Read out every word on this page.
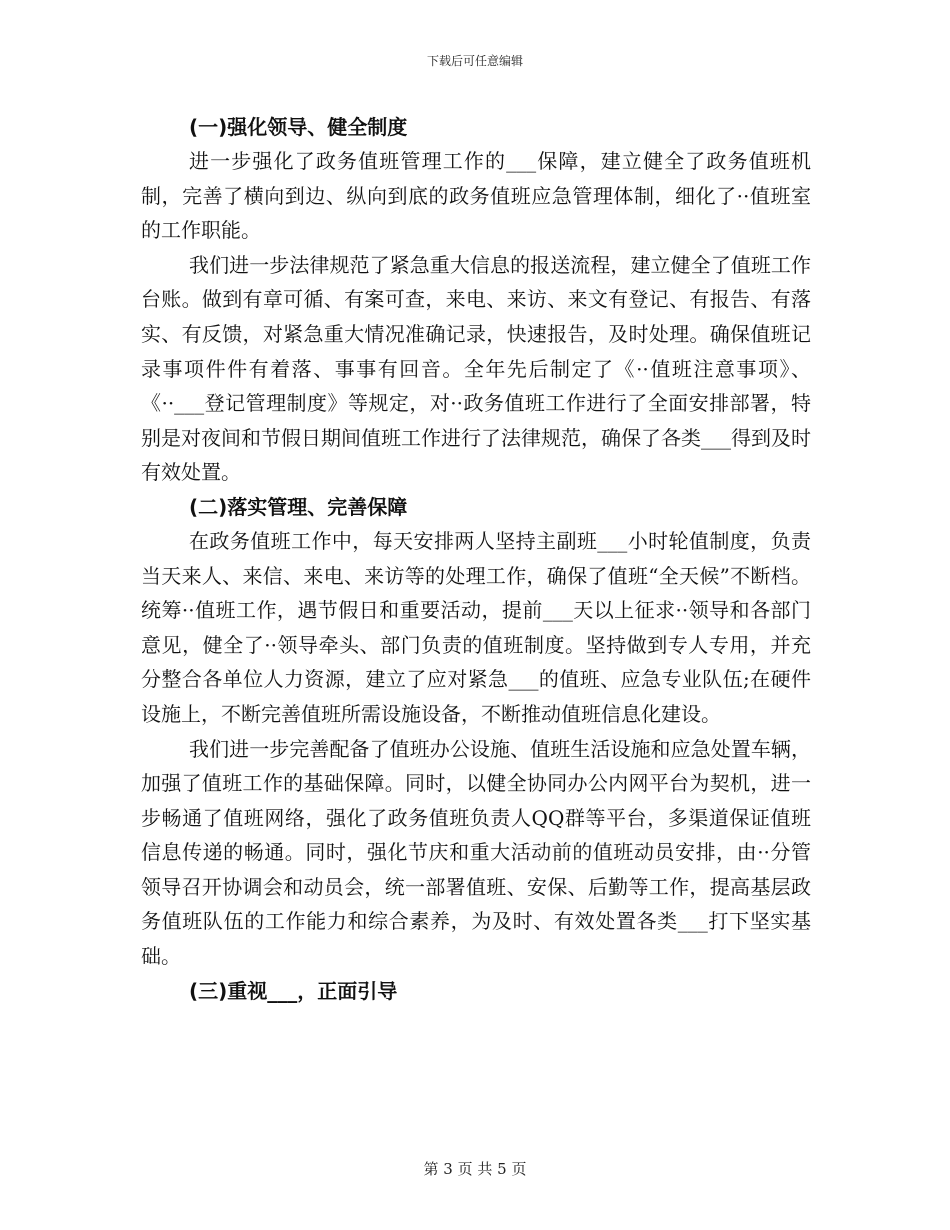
下载后可任意编辑
(一)强化领导、健全制度

进一步强化了政务值班管理工作的___保障，建立健全了政务值班机制，完善了横向到边、纵向到底的政务值班应急管理体制，细化了··值班室的工作职能。

我们进一步法律规范了紧急重大信息的报送流程，建立健全了值班工作台账。做到有章可循、有案可查，来电、来访、来文有登记、有报告、有落实、有反馈，对紧急重大情况准确记录，快速报告，及时处理。确保值班记录事项件件有着落、事事有回音。全年先后制定了《··值班注意事项》、《··___登记管理制度》等规定，对··政务值班工作进行了全面安排部署，特别是对夜间和节假日期间值班工作进行了法律规范，确保了各类___得到及时有效处置。

(二)落实管理、完善保障

在政务值班工作中，每天安排两人坚持主副班___小时轮值制度，负责当天来人、来信、来电、来访等的处理工作，确保了值班“全天候”不断档。统筹··值班工作，遇节假日和重要活动，提前___天以上征求··领导和各部门意见，健全了··领导牵头、部门负责的值班制度。坚持做到专人专用，并充分整合各单位人力资源，建立了应对紧急___的值班、应急专业队伍;在硬件设施上，不断完善值班所需设施设备，不断推动值班信息化建设。

我们进一步完善配备了值班办公设施、值班生活设施和应急处置车辆，加强了值班工作的基础保障。同时，以健全协同办公内网平台为契机，进一步畅通了值班网络，强化了政务值班负责人QQ群等平台，多渠道保证值班信息传递的畅通。同时，强化节庆和重大活动前的值班动员安排，由··分管领导召开协调会和动员会，统一部署值班、安保、后勤等工作，提高基层政务值班队伍的工作能力和综合素养，为及时、有效处置各类___打下坚实基础。

(三)重视___，正面引导
第 3 页 共 5 页
